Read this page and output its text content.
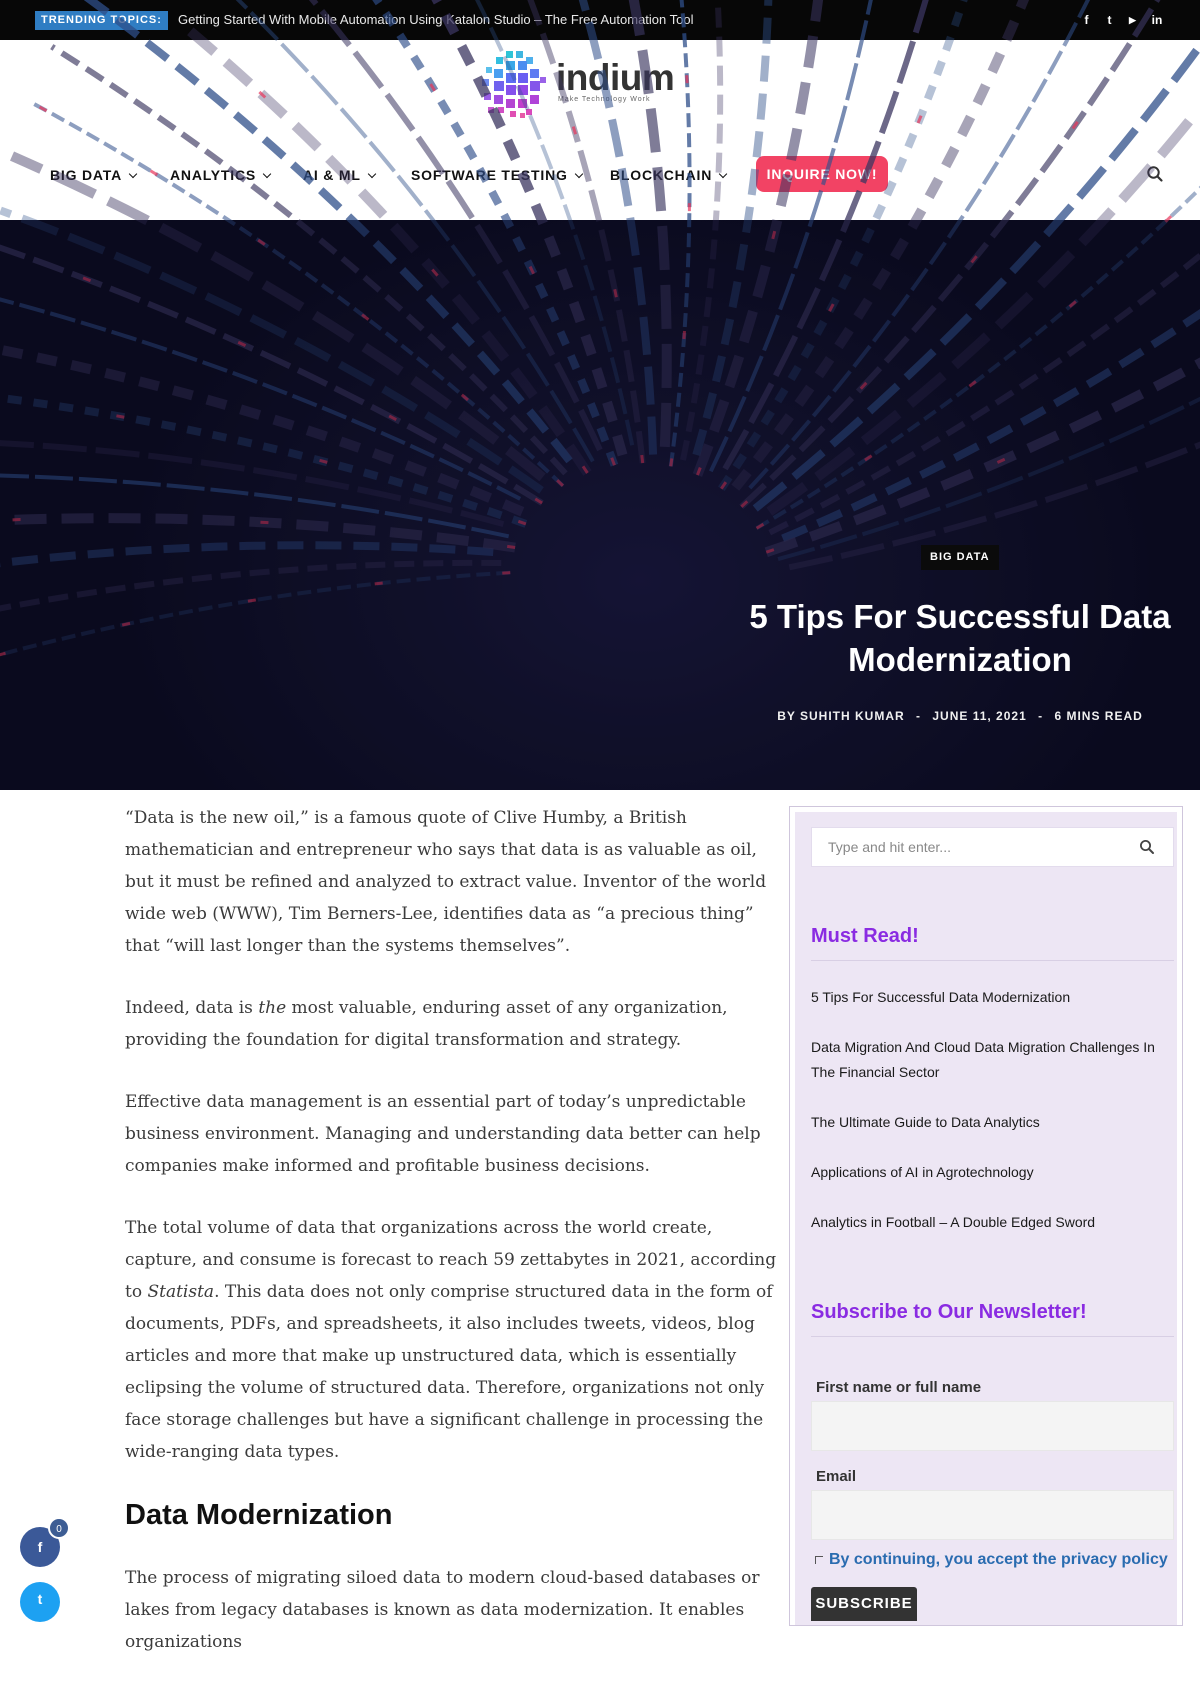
TRENDING TOPICS:	Getting Started With Mobile Automation Using Katalon Studio – The Free Automation Tool	f t	▶ in
indium
Make Technology Work
BIG DATA	ANALYTICS	AI & ML	SOFTWARE TESTING	BLOCKCHAIN	INQUIRE NOW!
BIG DATA
5 Tips For Successful Data Modernization
BY SUHITH KUMAR - JUNE 11, 2021 - 6 MINS READ

“Data is the new oil,” is a famous quote of Clive Humby, a British mathematician and entrepreneur who says that data is as valuable as oil, but it must be refined and analyzed to extract value. Inventor of the world wide web (WWW), Tim Berners-Lee, identifies data as “a precious thing” that “will last longer than the systems themselves”.

Indeed, data is the most valuable, enduring asset of any organization, providing the foundation for digital transformation and strategy.

Effective data management is an essential part of today’s unpredictable business environment. Managing and understanding data better can help companies make informed and profitable business decisions.

The total volume of data that organizations across the world create, capture, and consume is forecast to reach 59 zettabytes in 2021, according to Statista. This data does not only comprise structured data in the form of documents, PDFs, and spreadsheets, it also includes tweets, videos, blog articles and more that make up unstructured data, which is essentially eclipsing the volume of structured data. Therefore, organizations not only face storage challenges but have a significant challenge in processing the wide-ranging data types.

Data Modernization

The process of migrating siloed data to modern cloud-based databases or lakes from legacy databases is known as data modernization. It enables organizations

f
0
t
Type and hit enter...
Must Read!
5 Tips For Successful Data Modernization
Data Migration And Cloud Data Migration Challenges In The Financial Sector
The Ultimate Guide to Data Analytics
Applications of AI in Agrotechnology
Analytics in Football – A Double Edged Sword
Subscribe to Our Newsletter!
First name or full name
Email
By continuing, you accept the privacy policy
SUBSCRIBE
